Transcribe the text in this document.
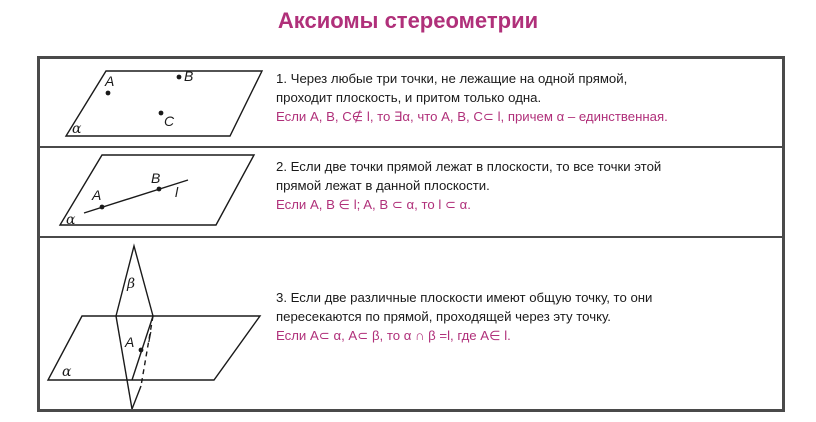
Аксиомы стереометрии
A	B
C
α
1. Через любые три точки, не лежащие на одной прямой,
проходит плоскость, и притом только одна.
Если A, B, C∉ l, то ∃α, что A, B, C⊂ l, причем α – единственная.
A
B
l
α
2. Если две точки прямой лежат в плоскости, то все точки этой
прямой лежат в данной плоскости.
Если A, B ∈ l; A, B ⊂ α, то l ⊂ α.
A l
β
α
3. Если две различные плоскости имеют общую точку, то они
пересекаются по прямой, проходящей через эту точку.
Если A⊂ α, A⊂ β, то α ∩ β =l, где A∈ l.
